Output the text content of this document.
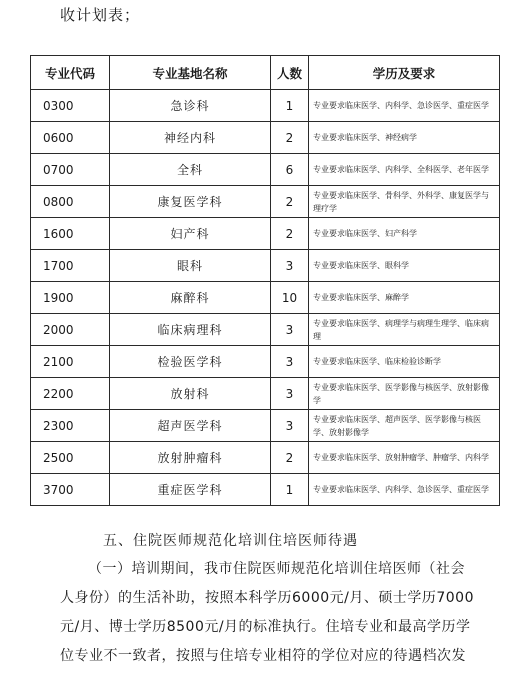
收计划表；
专业代码	专业基地名称	人数	学历及要求
0300	急诊科	1	专业要求临床医学、内科学、急诊医学、重症医学
0600	神经内科	2	专业要求临床医学、神经病学
0700	全科	6	专业要求临床医学、内科学、全科医学、老年医学
0800	康复医学科	2	专业要求临床医学、骨科学、外科学、康复医学与理疗学
1600	妇产科	2	专业要求临床医学、妇产科学
1700	眼科	3	专业要求临床医学、眼科学
1900	麻醉科	10	专业要求临床医学、麻醉学
2000	临床病理科	3	专业要求临床医学、病理学与病理生理学、临床病理
2100	检验医学科	3	专业要求临床医学、临床检验诊断学
2200	放射科	3	专业要求临床医学、医学影像与核医学、放射影像学
2300	超声医学科	3	专业要求临床医学、超声医学、医学影像与核医学、放射影像学
2500	放射肿瘤科	2	专业要求临床医学、放射肿瘤学、肿瘤学、内科学
3700	重症医学科	1	专业要求临床医学、内科学、急诊医学、重症医学
五、住院医师规范化培训住培医师待遇

（一）培训期间，我市住院医师规范化培训住培医师（社会

人身份）的生活补助，按照本科学历6000元/月、硕士学历7000

元/月、博士学历8500元/月的标准执行。住培专业和最高学历学

位专业不一致者，按照与住培专业相符的学位对应的待遇档次发
